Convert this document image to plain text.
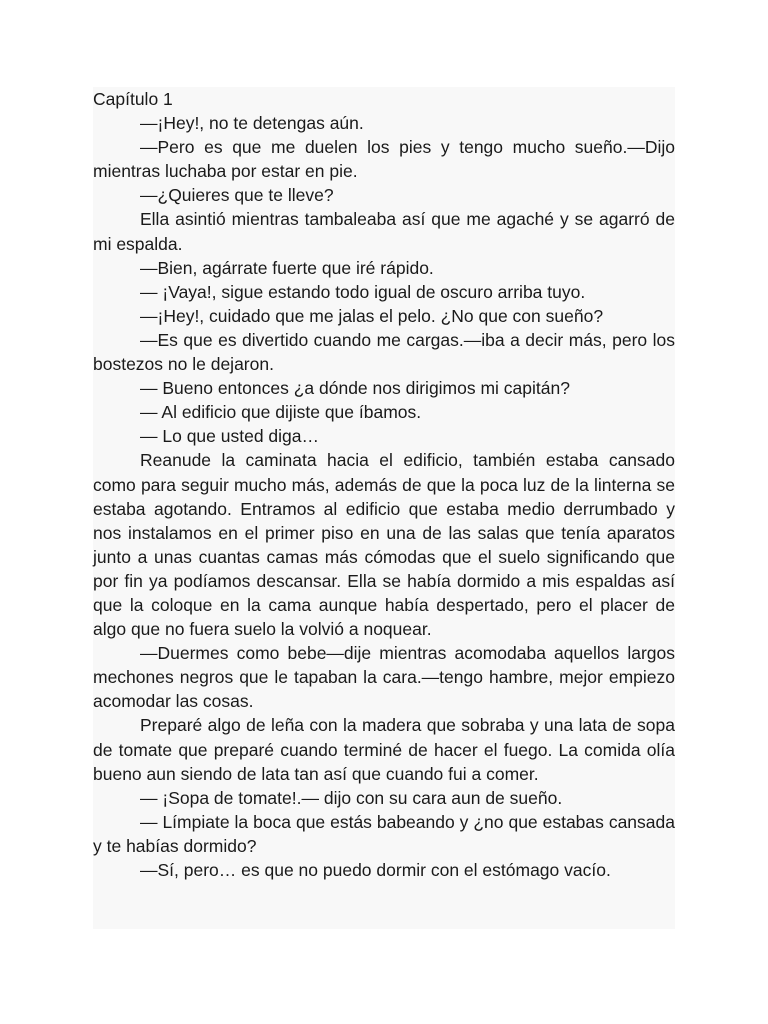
Capítulo 1

—¡Hey!, no te detengas aún.

—Pero es que me duelen los pies y tengo mucho sueño.—Dijo mientras luchaba por estar en pie.

—¿Quieres que te lleve?

Ella asintió mientras tambaleaba así que me agaché y se agarró de mi espalda.

—Bien, agárrate fuerte que iré rápido.

— ¡Vaya!, sigue estando todo igual de oscuro arriba tuyo.

—¡Hey!, cuidado que me jalas el pelo. ¿No que con sueño?

—Es que es divertido cuando me cargas.—iba a decir más, pero los bostezos no le dejaron.

— Bueno entonces ¿a dónde nos dirigimos mi capitán?

— Al edificio que dijiste que íbamos.

— Lo que usted diga…

Reanude la caminata hacia el edificio, también estaba cansado como para seguir mucho más, además de que la poca luz de la linterna se estaba agotando. Entramos al edificio que estaba medio derrumbado y nos instalamos en el primer piso en una de las salas que tenía aparatos junto a unas cuantas camas más cómodas que el suelo significando que por fin ya podíamos descansar. Ella se había dormido a mis espaldas así que la coloque en la cama aunque había despertado, pero el placer de algo que no fuera suelo la volvió a noquear.

—Duermes como bebe—dije mientras acomodaba aquellos largos mechones negros que le tapaban la cara.—tengo hambre, mejor empiezo acomodar las cosas.

Preparé algo de leña con la madera que sobraba y una lata de sopa de tomate que preparé cuando terminé de hacer el fuego. La comida olía bueno aun siendo de lata tan así que cuando fui a comer.

— ¡Sopa de tomate!.— dijo con su cara aun de sueño.

— Límpiate la boca que estás babeando y ¿no que estabas cansada y te habías dormido?

—Sí, pero… es que no puedo dormir con el estómago vacío.
